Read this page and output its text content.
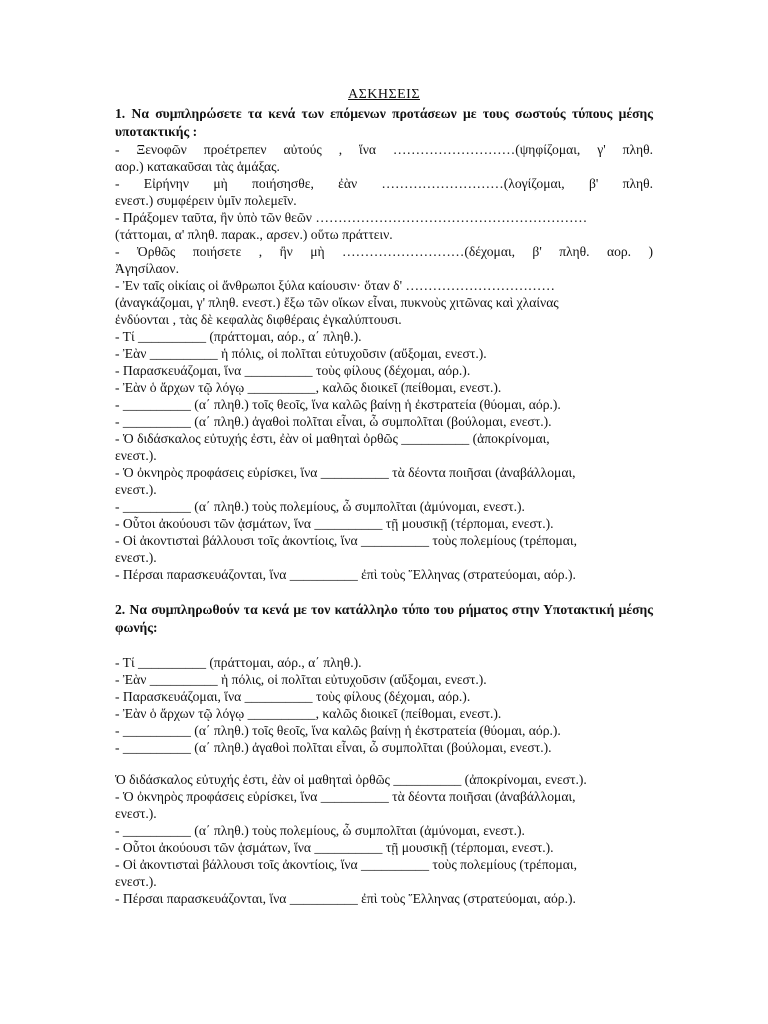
ΑΣΚΗΣΕΙΣ

1. Να συμπληρώσετε τα κενά των επόμενων προτάσεων με τους σωστούς τύπους μέσης υποτακτικής :

- Ξενοφῶν προέτρεπεν αὐτούς , ἵνα ………………………(ψηφίζομαι, γ' πληθ.

αορ.) κατακαῦσαι τὰς ἁμάξας.

- Εἰρήνην μὴ ποιήσησθε, ἐὰν ………………………(λογίζομαι, β' πληθ.

ενεστ.) συμφέρειν ὑμῖν πολεμεῖν.

- Πράξομεν ταῦτα, ἢν ὑπὸ τῶν θεῶν ……………………………………………………

(τάττομαι, α' πληθ. παρακ., αρσεν.) οὕτω πράττειν.

- Ὀρθῶς ποιήσετε , ἢν μὴ ………………………(δέχομαι, β' πληθ. αορ. )

Ἀγησίλαον.

- Ἐν ταῖς οἰκίαις οἱ ἄνθρωποι ξύλα καίουσιν· ὅταν δ' ……………………………

(ἀναγκάζομαι, γ' πληθ. ενεστ.) ἔξω τῶν οἴκων εἶναι, πυκνοὺς χιτῶνας καὶ χλαίνας

ἐνδύονται , τὰς δὲ κεφαλὰς διφθέραις ἐγκαλύπτουσι.

- Τί __________ (πράττομαι, αόρ., α΄ πληθ.).

- Ἐὰν __________ ἡ πόλις, οἱ πολῖται εὐτυχοῦσιν (αὔξομαι, ενεστ.).

- Παρασκευάζομαι, ἵνα __________ τοὺς φίλους (δέχομαι, αόρ.).

- Ἐὰν ὁ ἄρχων τῷ λόγῳ __________, καλῶς διοικεῖ (πείθομαι, ενεστ.).

- __________ (α΄ πληθ.) τοῖς θεοῖς, ἵνα καλῶς βαίνῃ ἡ ἐκστρατεία (θύομαι, αόρ.).

- __________ (α΄ πληθ.) ἀγαθοὶ πολῖται εἶναι, ὦ συμπολῖται (βούλομαι, ενεστ.).

- Ὁ διδάσκαλος εὐτυχής ἐστι, ἐὰν οἱ μαθηταὶ ὀρθῶς __________ (ἀποκρίνομαι,

ενεστ.).

- Ὁ ὀκνηρὸς προφάσεις εὑρίσκει, ἵνα __________ τὰ δέοντα ποιῆσαι (ἀναβάλλομαι,

ενεστ.).

- __________ (α΄ πληθ.) τοὺς πολεμίους, ὦ συμπολῖται (ἀμύνομαι, ενεστ.).

- Οὗτοι ἀκούουσι τῶν ᾀσμάτων, ἵνα __________ τῇ μουσικῇ (τέρπομαι, ενεστ.).

- Οἱ ἀκοντισταὶ βάλλουσι τοῖς ἀκοντίοις, ἵνα __________ τοὺς πολεμίους (τρέπομαι,

ενεστ.).

- Πέρσαι παρασκευάζονται, ἵνα __________ ἐπὶ τοὺς Ἕλληνας (στρατεύομαι, αόρ.).

2. Να συμπληρωθούν τα κενά με τον κατάλληλο τύπο του ρήματος στην Υποτακτική μέσης φωνής:

- Τί __________ (πράττομαι, αόρ., α΄ πληθ.).

- Ἐὰν __________ ἡ πόλις, οἱ πολῖται εὐτυχοῦσιν (αὔξομαι, ενεστ.).

- Παρασκευάζομαι, ἵνα __________ τοὺς φίλους (δέχομαι, αόρ.).

- Ἐὰν ὁ ἄρχων τῷ λόγῳ __________, καλῶς διοικεῖ (πείθομαι, ενεστ.).

- __________ (α΄ πληθ.) τοῖς θεοῖς, ἵνα καλῶς βαίνῃ ἡ ἐκστρατεία (θύομαι, αόρ.).

- __________ (α΄ πληθ.) ἀγαθοὶ πολῖται εἶναι, ὦ συμπολῖται (βούλομαι, ενεστ.).

Ὁ διδάσκαλος εὐτυχής ἐστι, ἐὰν οἱ μαθηταὶ ὀρθῶς __________ (ἀποκρίνομαι, ενεστ.).

- Ὁ ὀκνηρὸς προφάσεις εὑρίσκει, ἵνα __________ τὰ δέοντα ποιῆσαι (ἀναβάλλομαι,

ενεστ.).

- __________ (α΄ πληθ.) τοὺς πολεμίους, ὦ συμπολῖται (ἀμύνομαι, ενεστ.).

- Οὗτοι ἀκούουσι τῶν ᾀσμάτων, ἵνα __________ τῇ μουσικῇ (τέρπομαι, ενεστ.).

- Οἱ ἀκοντισταὶ βάλλουσι τοῖς ἀκοντίοις, ἵνα __________ τοὺς πολεμίους (τρέπομαι,

ενεστ.).

- Πέρσαι παρασκευάζονται, ἵνα __________ ἐπὶ τοὺς Ἕλληνας (στρατεύομαι, αόρ.).
